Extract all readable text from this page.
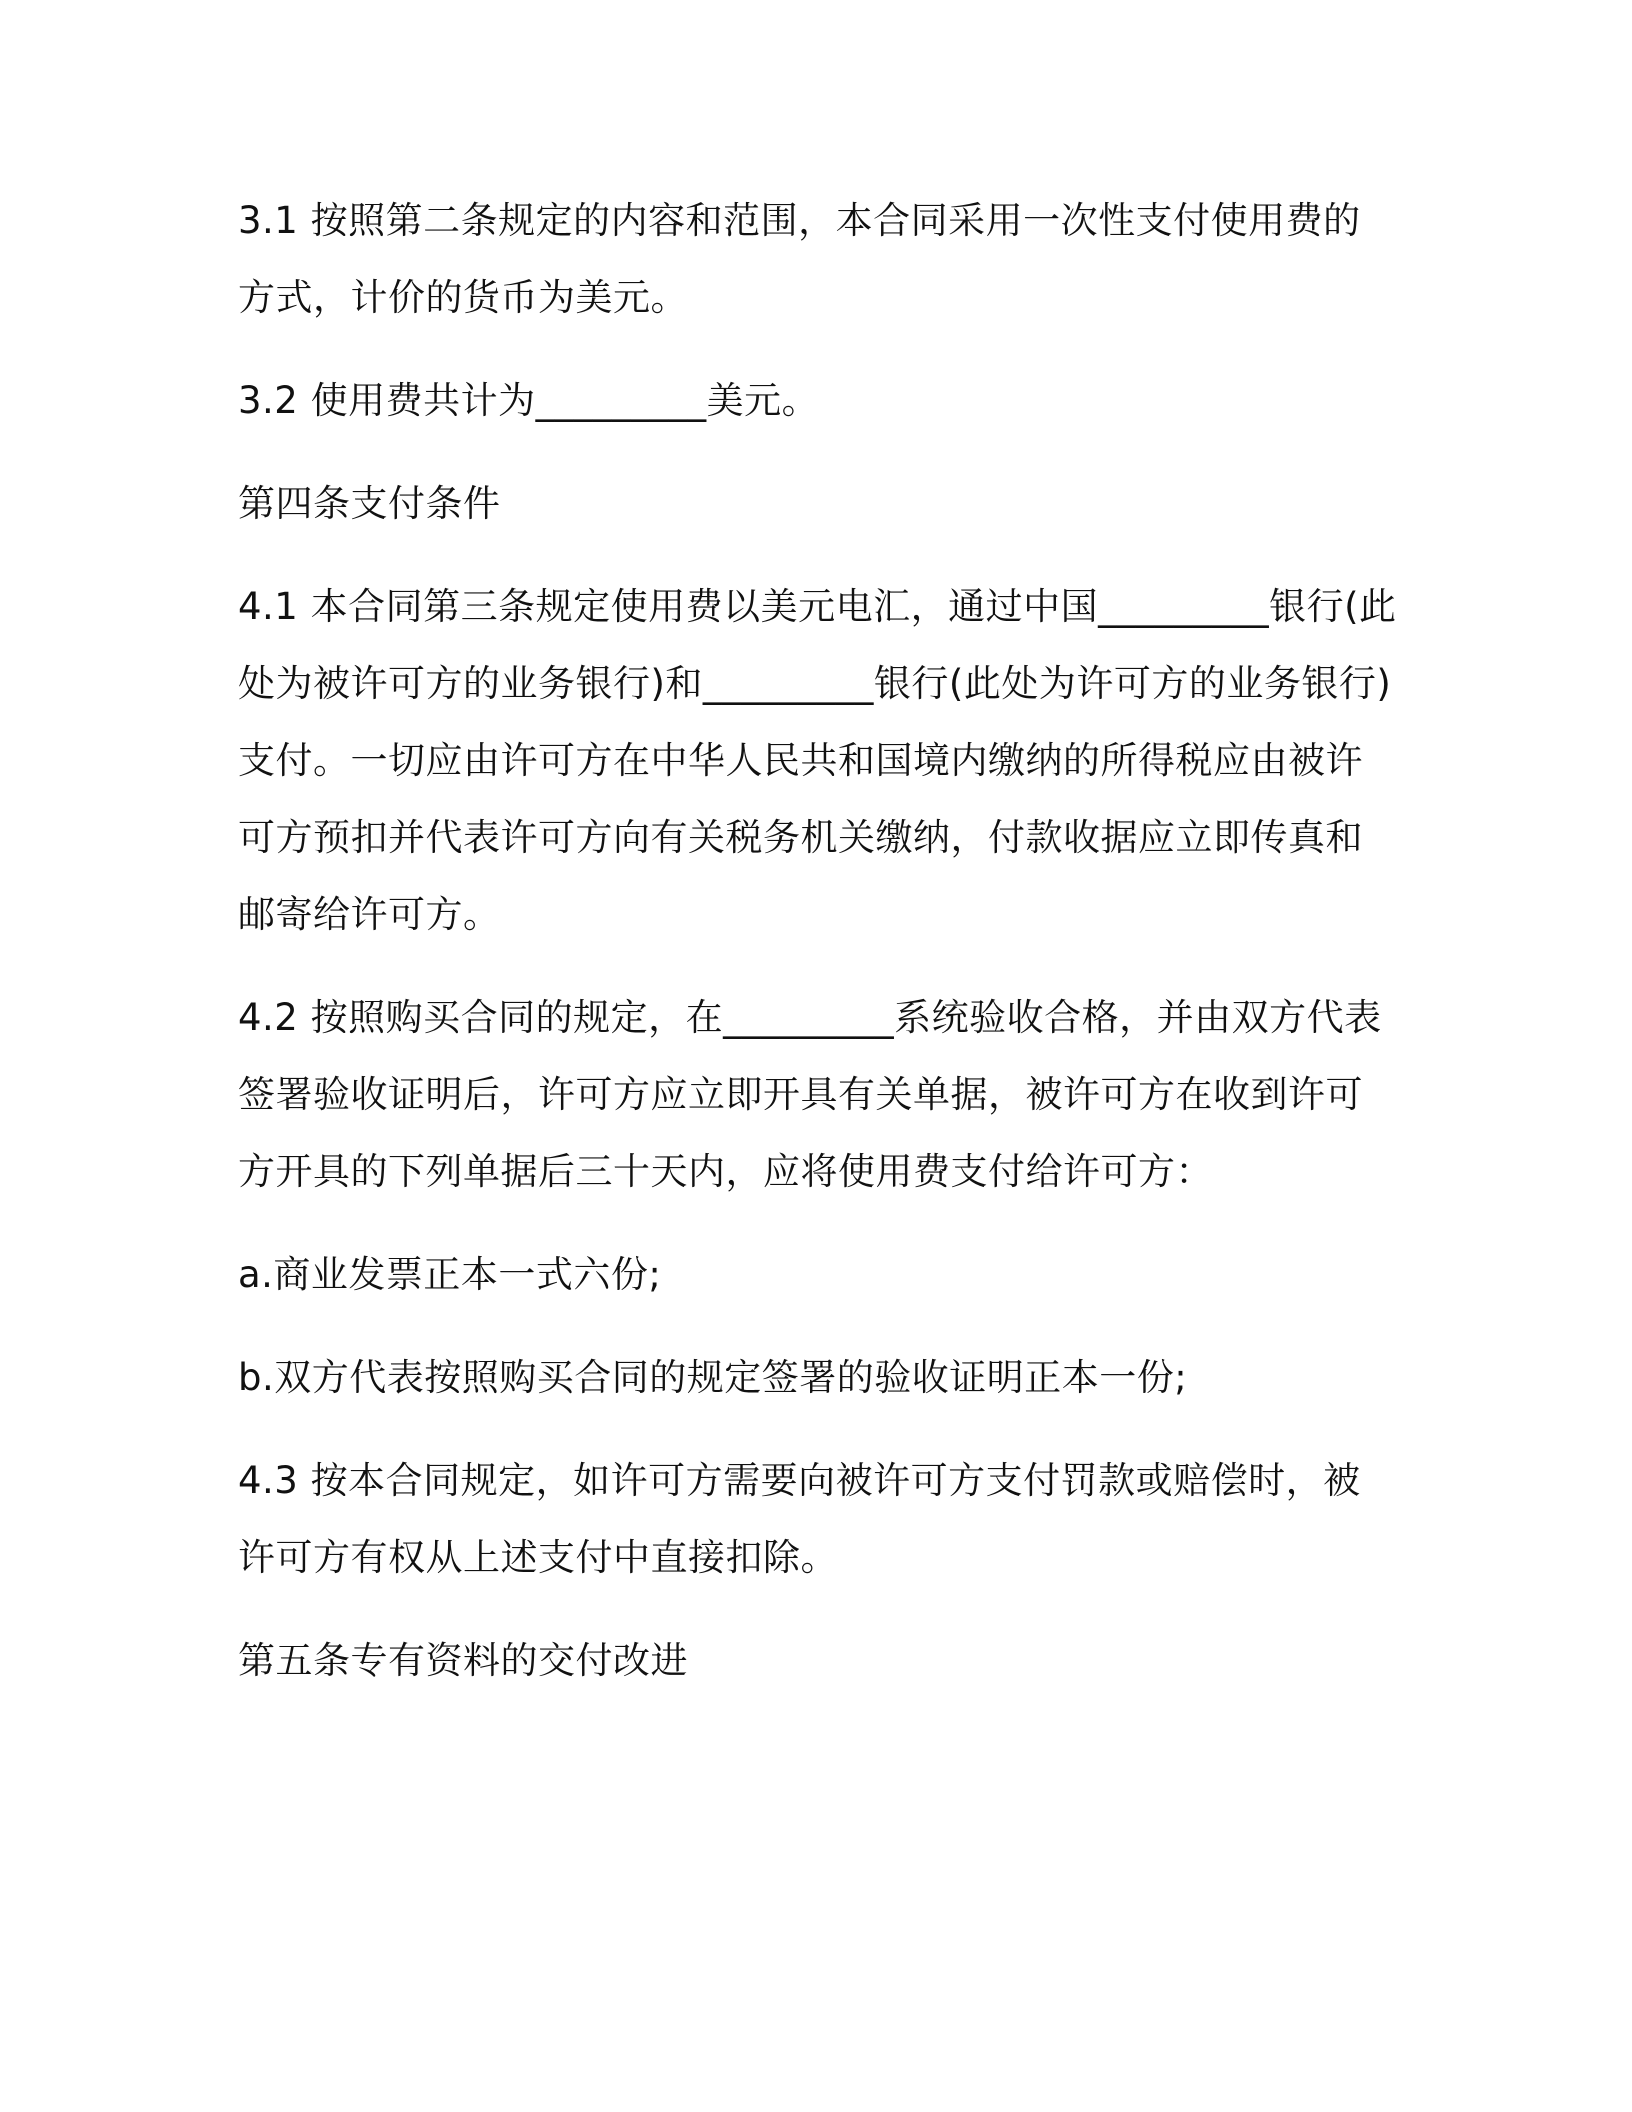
3.1 按照第二条规定的内容和范围，本合同采用一次性支付使用费的方式，计价的货币为美元。

3.2 使用费共计为_________美元。

第四条支付条件

4.1 本合同第三条规定使用费以美元电汇，通过中国_________银行(此处为被许可方的业务银行)和_________银行(此处为许可方的业务银行)支付。一切应由许可方在中华人民共和国境内缴纳的所得税应由被许可方预扣并代表许可方向有关税务机关缴纳，付款收据应立即传真和邮寄给许可方。

4.2 按照购买合同的规定，在_________系统验收合格，并由双方代表签署验收证明后，许可方应立即开具有关单据，被许可方在收到许可方开具的下列单据后三十天内，应将使用费支付给许可方：

a.商业发票正本一式六份;

b.双方代表按照购买合同的规定签署的验收证明正本一份;

4.3 按本合同规定，如许可方需要向被许可方支付罚款或赔偿时，被许可方有权从上述支付中直接扣除。

第五条专有资料的交付改进
